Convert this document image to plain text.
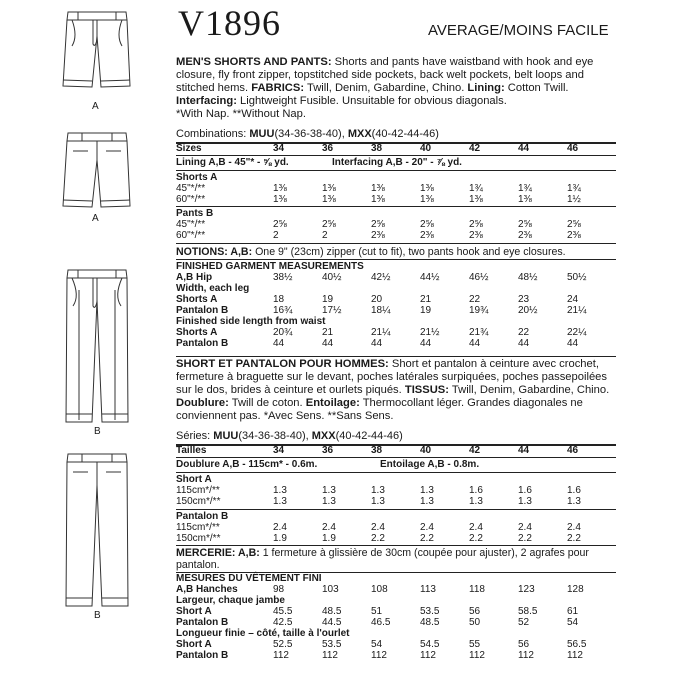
A
A
B
B
V1896	AVERAGE/MOINS FACILE
MEN'S SHORTS AND PANTS: Shorts and pants have waistband with hook and eye closure, fly front zipper, topstitched side pockets, back welt pockets, belt loops and stitched hems. FABRICS: Twill, Denim, Gabardine, Chino. Lining: Cotton Twill.
Interfacing: Lightweight Fusible. Unsuitable for obvious diagonals.
*With Nap. **Without Nap.
Combinations: MUU(34-36-38-40), MXX(40-42-44-46)
Sizes	34	36	38	40	42	44	46
Lining A,B - 45"* - ⅝ yd.	Interfacing A,B - 20" - ⅞ yd.
Shorts A							
45"*/**	1⅜	1⅜	1⅜	1⅜	1¾	1¾	1¾
60"*/**	1⅜	1⅜	1⅜	1⅜	1⅜	1⅜	1½
Pants B							
45"*/**	2⅝	2⅝	2⅝	2⅝	2⅝	2⅝	2⅝
60"*/**	2	2	2⅜	2⅜	2⅜	2⅜	2⅜
NOTIONS: A,B: One 9" (23cm) zipper (cut to fit), two pants hook and eye closures.
FINISHED GARMENT MEASUREMENTS							
A,B Hip	38½	40½	42½	44½	46½	48½	50½
Width, each leg							
Shorts A	18	19	20	21	22	23	24
Pantalon B	16¾	17½	18¼	19	19¾	20½	21¼
Finished side length from waist							
Shorts A	20¾	21	21¼	21½	21¾	22	22¼
Pantalon B	44	44	44	44	44	44	44
SHORT ET PANTALON POUR HOMMES: Short et pantalon à ceinture avec crochet, fermeture à braguette sur le devant, poches latérales surpiquées, poches passepoilées sur le dos, brides à ceinture et ourlets piqués. TISSUS: Twill, Denim, Gabardine, Chino. Doublure: Twill de coton. Entoilage: Thermocollant léger. Grandes diagonales ne conviennent pas. *Avec Sens. **Sans Sens.
Séries: MUU(34-36-38-40), MXX(40-42-44-46)
Tailles	34	36	38	40	42	44	46
Doublure A,B - 115cm* - 0.6m.	Entoilage A,B - 0.8m.
Short A							
115cm*/**	1.3	1.3	1.3	1.3	1.6	1.6	1.6
150cm*/**	1.3	1.3	1.3	1.3	1.3	1.3	1.3
Pantalon B							
115cm*/**	2.4	2.4	2.4	2.4	2.4	2.4	2.4
150cm*/**	1.9	1.9	2.2	2.2	2.2	2.2	2.2
MERCERIE: A,B: 1 fermeture à glissière de 30cm (coupée pour ajuster), 2 agrafes pour pantalon.
MESURES DU VÊTEMENT FINI							
A,B Hanches	98	103	108	113	118	123	128
Largeur, chaque jambe							
Short A	45.5	48.5	51	53.5	56	58.5	61
Pantalon B	42.5	44.5	46.5	48.5	50	52	54
Longueur finie – côté, taille à l'ourlet							
Short A	52.5	53.5	54	54.5	55	56	56.5
Pantalon B	112	112	112	112	112	112	112
